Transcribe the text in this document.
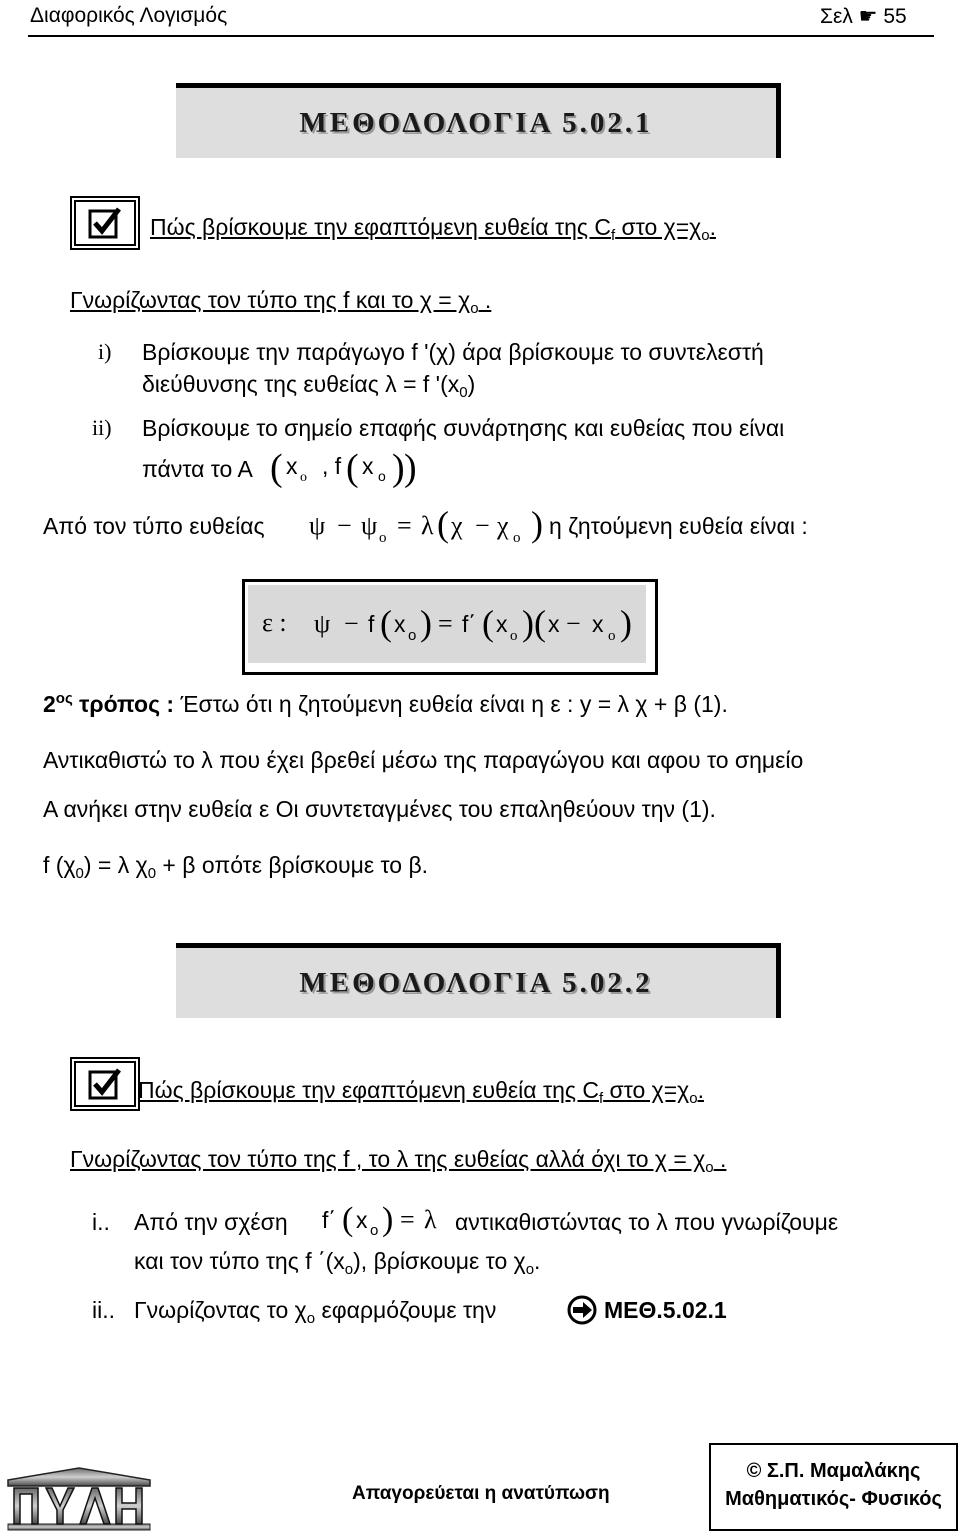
Διαφορικός Λογισμός	Σελ ☛ 55
ΜΕΘΟΔΟΛΟΓΙΑ 5.02.1
Πώς βρίσκουμε την εφαπτόμενη ευθεία της $C_f$ στο $\chi=\chi_o$.
Γνωρίζωντας τον τύπο της f και το $\chi = \chi_o$ .
i) Βρίσκουμε την παράγωγο f '(χ) άρα βρίσκουμε το συντελεστή
διεύθυνσης της ευθείας λ = f '$(x_0)$
ii) Βρίσκουμε το σημείο επαφής συνάρτησης και ευθείας που είναι
πάντα το Α ( x ο , f ( x o ) )
Από τον τύπο ευθείας ψ − ψ ο = λ ( χ − χ ο ) η ζητούμενη ευθεία είναι :
ε : ψ − f ( x o ) = f΄ ( x ο ) ( x − x ο )
$2^{o\varsigma}$ τρόπος : Έστω ότι η ζητούμενη ευθεία είναι η ε : y = λ χ + β (1).
Αντικαθιστώ το λ που έχει βρεθεί μέσω της παραγώγου και αφου το σημείο
Α ανήκει στην ευθεία ε Οι συντεταγμένες του επαληθεύουν την (1).
f $(\chi_0) = \lambda$ $\chi_0 + \beta$ οπότε βρίσκουμε το β.
ΜΕΘΟΔΟΛΟΓΙΑ 5.02.2
Πώς βρίσκουμε την εφαπτόμενη ευθεία της $C_f$ στο $\chi=\chi_o$.
Γνωρίζωντας τον τύπο της f , το λ της ευθείας αλλά όχι το $\chi = \chi_o$ .
i.. Από την σχέση f΄ ( x o ) = λ αντικαθιστώντας το λ που γνωρίζουμε
και τον τύπο της f $΄(x_o)$, βρίσκουμε το $\chi_o$.
ii.. Γνωρίζοντας το $\chi_o$ εφαρμόζουμε την	ΜΕΘ.5.02.1
Απαγορεύεται η ανατύπωση
© Σ.Π. Μαμαλάκης
Μαθηματικός- Φυσικός
